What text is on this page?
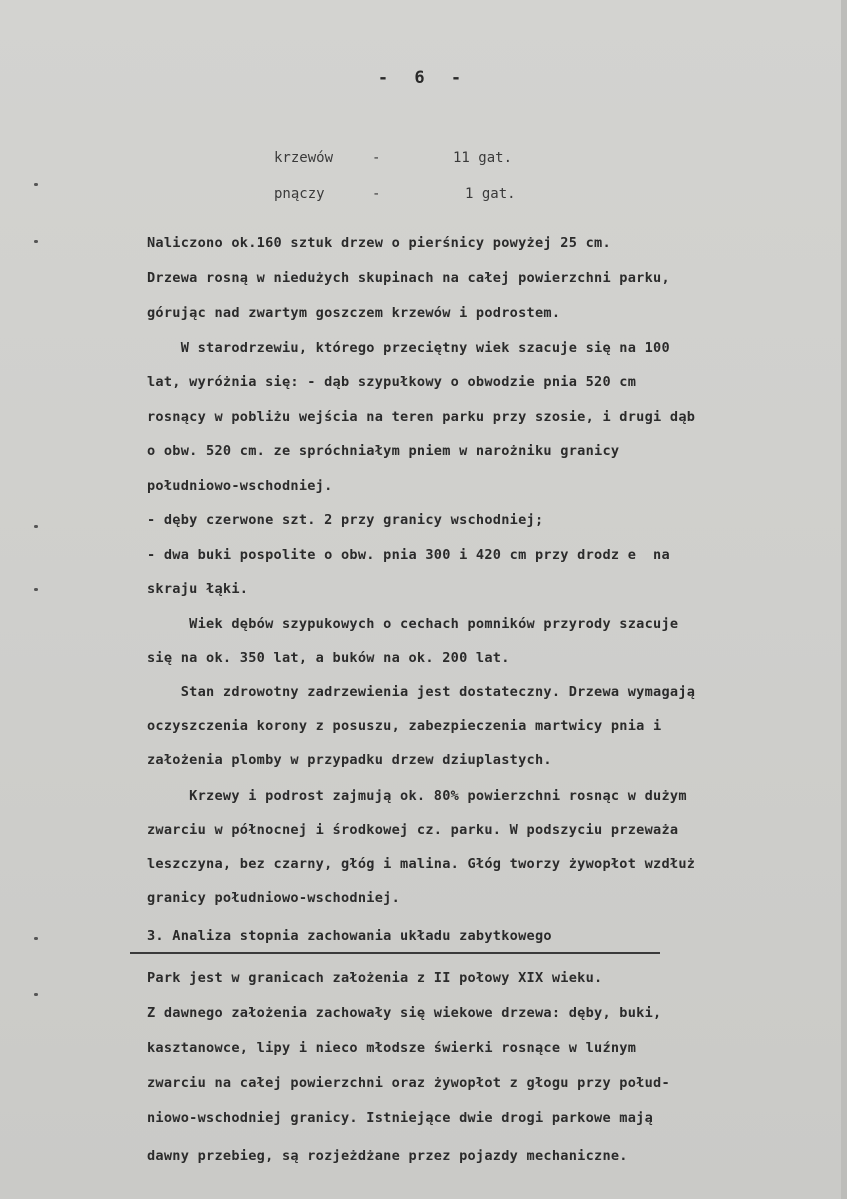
- 6 -
krzewów	-	11 gat.
pnączy	-	1 gat.
Naliczono ok.160 sztuk drzew o pierśnicy powyżej 25 cm.
Drzewa rosną w niedużych skupinach na całej powierzchni parku,
górując nad zwartym goszczem krzewów i podrostem.
W starodrzewiu, którego przeciętny wiek szacuje się na 100
lat, wyróżnia się: - dąb szypułkowy o obwodzie pnia 520 cm
rosnący w pobliżu wejścia na teren parku przy szosie, i drugi dąb
o obw. 520 cm. ze spróchniałym pniem w narożniku granicy
południowo-wschodniej.
- dęby czerwone szt. 2 przy granicy wschodniej;
- dwa buki pospolite o obw. pnia 300 i 420 cm przy drodz e  na
skraju łąki.
Wiek dębów szypukowych o cechach pomników przyrody szacuje
się na ok. 350 lat, a buków na ok. 200 lat.
Stan zdrowotny zadrzewienia jest dostateczny. Drzewa wymagają
oczyszczenia korony z posuszu, zabezpieczenia martwicy pnia i
założenia plomby w przypadku drzew dziuplastych.
Krzewy i podrost zajmują ok. 80% powierzchni rosnąc w dużym
zwarciu w północnej i środkowej cz. parku. W podszyciu przeważa
leszczyna, bez czarny, głóg i malina. Głóg tworzy żywopłot wzdłuż
granicy południowo-wschodniej.
3. Analiza stopnia zachowania układu zabytkowego
Park jest w granicach założenia z II połowy XIX wieku.
Z dawnego założenia zachowały się wiekowe drzewa: dęby, buki,
kasztanowce, lipy i nieco młodsze świerki rosnące w luźnym
zwarciu na całej powierzchni oraz żywopłot z głogu przy połud-
niowo-wschodniej granicy. Istniejące dwie drogi parkowe mają
dawny przebieg, są rozjeżdżane przez pojazdy mechaniczne.
